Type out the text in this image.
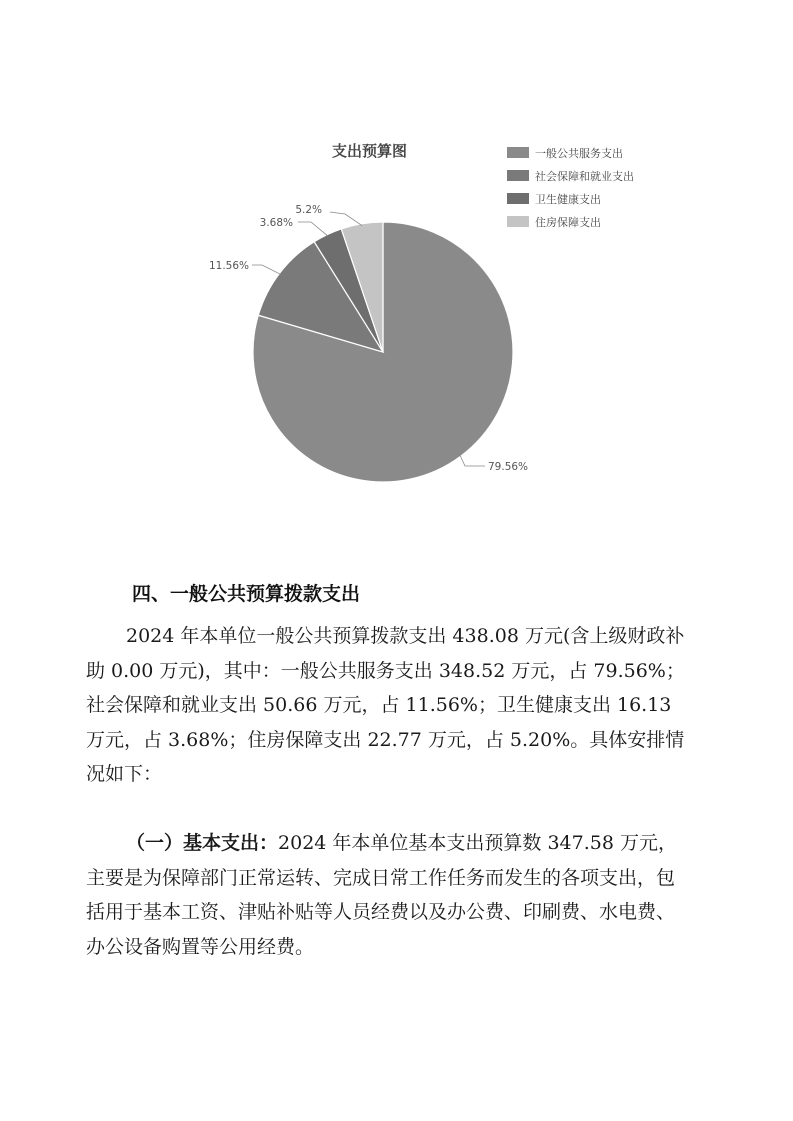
支出预算图
79.56%
11.56%
3.68%
5.2%
一般公共服务支出
社会保障和就业支出
卫生健康支出
住房保障支出
四、一般公共预算拨款支出

2024 年本单位一般公共预算拨款支出 438.08 万元(含上级财政补助 0.00 万元)，其中：一般公共服务支出 348.52 万元，占 79.56%；社会保障和就业支出 50.66 万元，占 11.56%；卫生健康支出 16.13 万元，占 3.68%；住房保障支出 22.77 万元，占 5.20%。具体安排情况如下：

（一）基本支出：2024 年本单位基本支出预算数 347.58 万元，主要是为保障部门正常运转、完成日常工作任务而发生的各项支出，包括用于基本工资、津贴补贴等人员经费以及办公费、印刷费、水电费、办公设备购置等公用经费。
